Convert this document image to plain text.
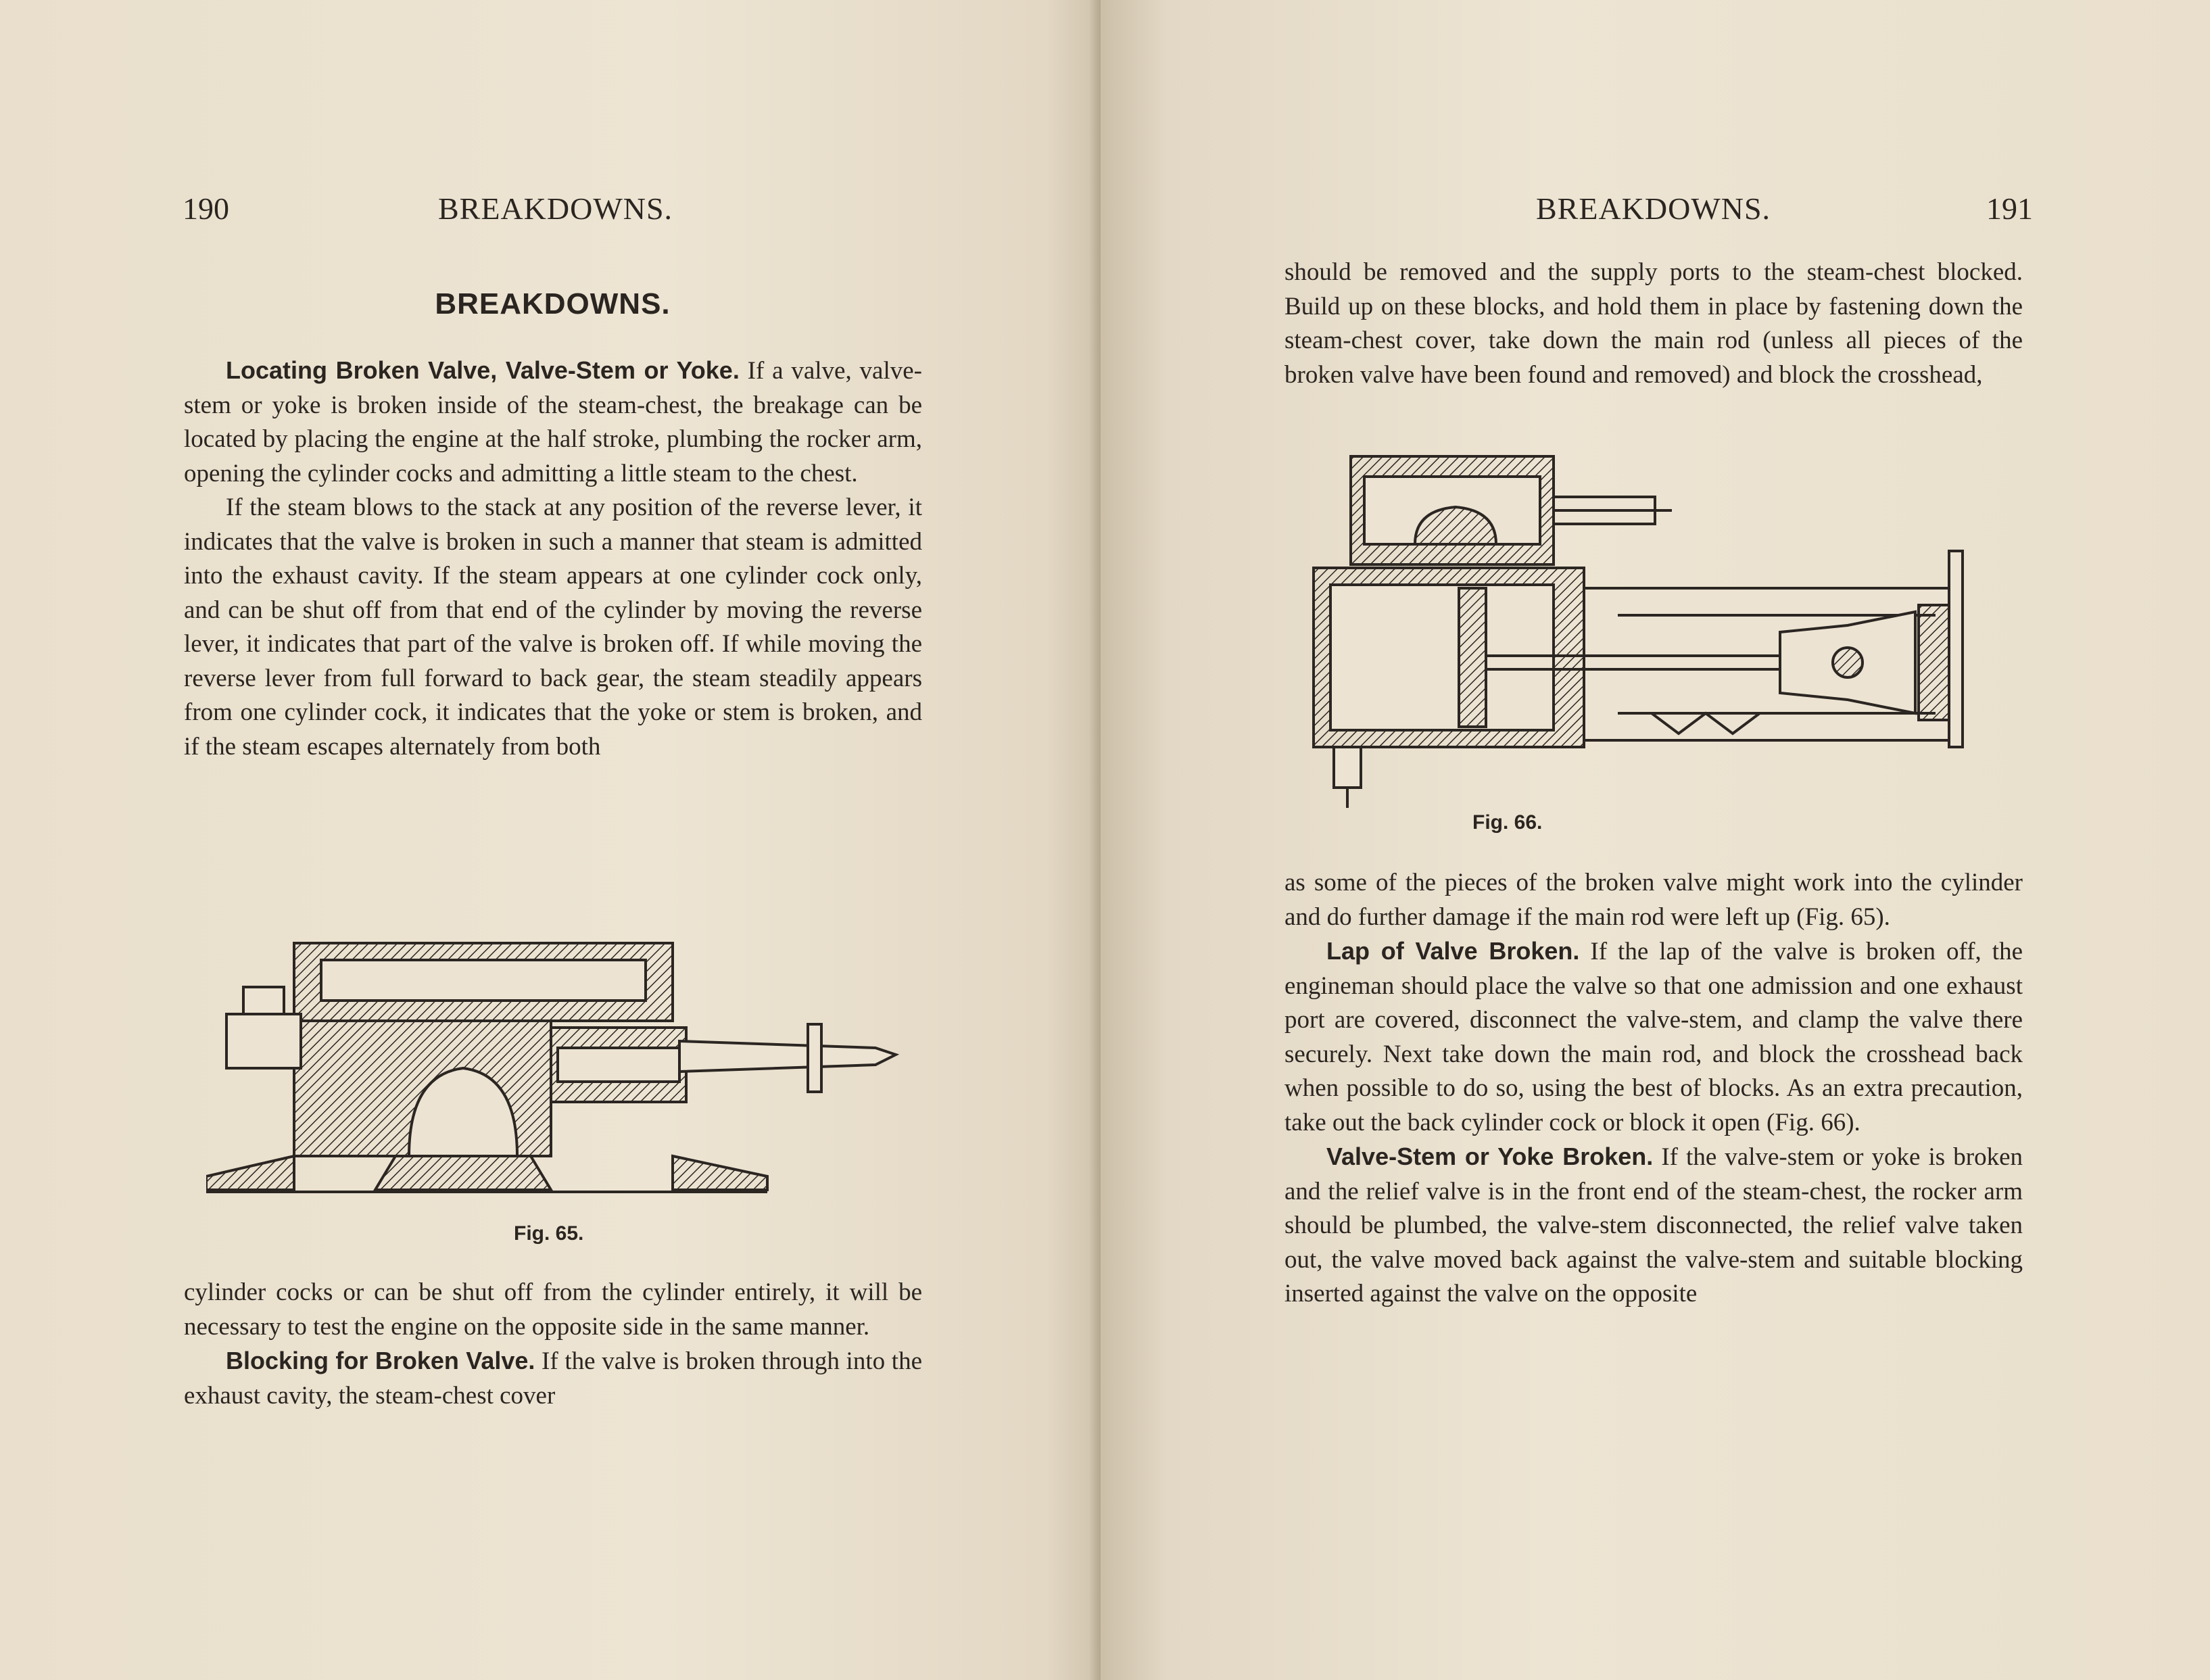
190	BREAKDOWNS.
BREAKDOWNS.

Locating Broken Valve, Valve-Stem or Yoke. If a valve, valve-stem or yoke is broken inside of the steam-chest, the breakage can be located by placing the engine at the half stroke, plumbing the rocker arm, opening the cylinder cocks and admitting a little steam to the chest.

If the steam blows to the stack at any position of the reverse lever, it indicates that the valve is broken in such a manner that steam is admitted into the exhaust cavity. If the steam appears at one cylinder cock only, and can be shut off from that end of the cylinder by moving the reverse lever, it indicates that part of the valve is broken off. If while moving the reverse lever from full forward to back gear, the steam steadily appears from one cylinder cock, it indicates that the yoke or stem is broken, and if the steam escapes alternately from both

Fig. 65.

cylinder cocks or can be shut off from the cylinder entirely, it will be necessary to test the engine on the opposite side in the same manner.

Blocking for Broken Valve. If the valve is broken through into the exhaust cavity, the steam-chest cover

BREAKDOWNS.	191

should be removed and the supply ports to the steam-chest blocked. Build up on these blocks, and hold them in place by fastening down the steam-chest cover, take down the main rod (unless all pieces of the broken valve have been found and removed) and block the crosshead,

Fig. 66.

as some of the pieces of the broken valve might work into the cylinder and do further damage if the main rod were left up (Fig. 65).

Lap of Valve Broken. If the lap of the valve is broken off, the engineman should place the valve so that one admission and one exhaust port are covered, disconnect the valve-stem, and clamp the valve there securely. Next take down the main rod, and block the crosshead back when possible to do so, using the best of blocks. As an extra precaution, take out the back cylinder cock or block it open (Fig. 66).

Valve-Stem or Yoke Broken. If the valve-stem or yoke is broken and the relief valve is in the front end of the steam-chest, the rocker arm should be plumbed, the valve-stem disconnected, the relief valve taken out, the valve moved back against the valve-stem and suitable blocking inserted against the valve on the opposite
